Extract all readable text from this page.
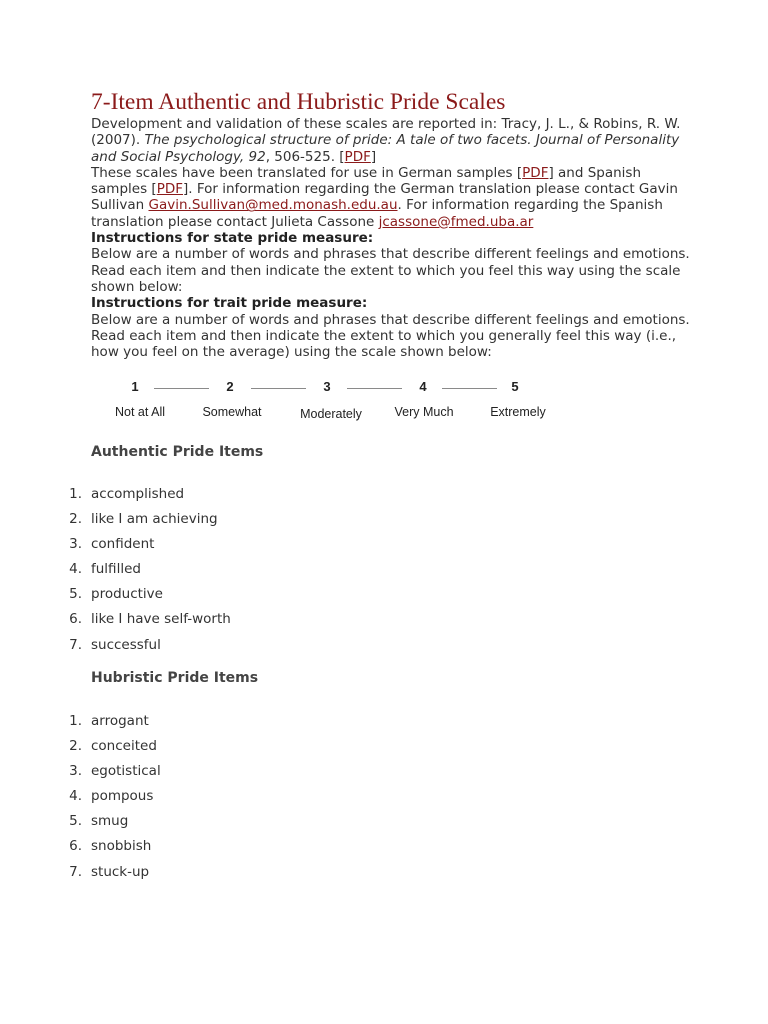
7-Item Authentic and Hubristic Pride Scales

Development and validation of these scales are reported in: Tracy, J. L., & Robins, R. W. (2007). The psychological structure of pride: A tale of two facets. Journal of Personality and Social Psychology, 92, 506-525. [PDF]

These scales have been translated for use in German samples [PDF] and Spanish samples [PDF]. For information regarding the German translation please contact Gavin Sullivan Gavin.Sullivan@med.monash.edu.au. For information regarding the Spanish translation please contact Julieta Cassone jcassone@fmed.uba.ar

Instructions for state pride measure:

Below are a number of words and phrases that describe different feelings and emotions. Read each item and then indicate the extent to which you feel this way using the scale shown below:

Instructions for trait pride measure:

Below are a number of words and phrases that describe different feelings and emotions. Read each item and then indicate the extent to which you generally feel this way (i.e., how you feel on the average) using the scale shown below:

1	2	3	4	5
Not at All	Somewhat	Moderately	Very Much	Extremely
Authentic Pride Items
1. accomplished
2. like I am achieving
3. confident
4. fulfilled
5. productive
6. like I have self-worth
7. successful
Hubristic Pride Items
1. arrogant
2. conceited
3. egotistical
4. pompous
5. smug
6. snobbish
7. stuck-up
